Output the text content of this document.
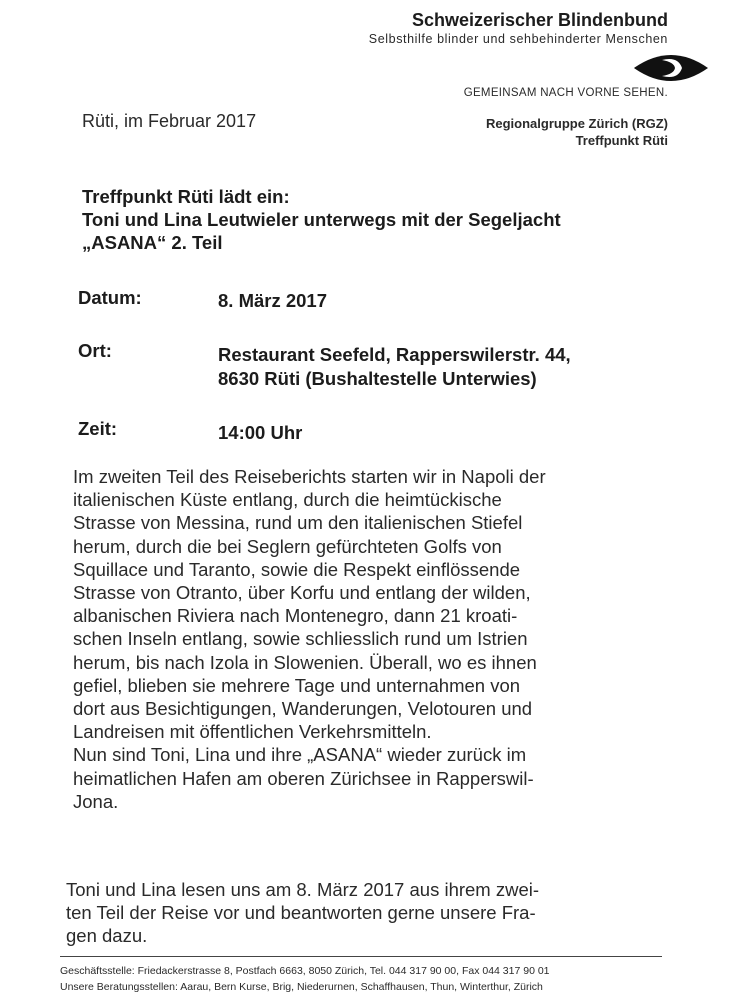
Schweizerischer Blindenbund
Selbsthilfe blinder und sehbehinderter Menschen
GEMEINSAM NACH VORNE SEHEN.
Rüti, im Februar 2017	Regionalgruppe Zürich (RGZ)
Treffpunkt Rüti
Treffpunkt Rüti lädt ein:
Toni und Lina Leutwieler unterwegs mit der Segeljacht
„ASANA“ 2. Teil
Datum:	8. März 2017
Ort:	Restaurant Seefeld, Rapperswilerstr. 44,
8630 Rüti (Bushaltestelle Unterwies)
Zeit:	14:00 Uhr
Im zweiten Teil des Reiseberichts starten wir in Napoli der
italienischen Küste entlang, durch die heimtückische
Strasse von Messina, rund um den italienischen Stiefel
herum, durch die bei Seglern gefürchteten Golfs von
Squillace und Taranto, sowie die Respekt einflössende
Strasse von Otranto, über Korfu und entlang der wilden,
albanischen Riviera nach Montenegro, dann 21 kroati-
schen Inseln entlang, sowie schliesslich rund um Istrien
herum, bis nach Izola in Slowenien. Überall, wo es ihnen
gefiel, blieben sie mehrere Tage und unternahmen von
dort aus Besichtigungen, Wanderungen, Velotouren und
Landreisen mit öffentlichen Verkehrsmitteln.
Nun sind Toni, Lina und ihre „ASANA“ wieder zurück im
heimatlichen Hafen am oberen Zürichsee in Rapperswil-
Jona.
Toni und Lina lesen uns am 8. März 2017 aus ihrem zwei-
ten Teil der Reise vor und beantworten gerne unsere Fra-
gen dazu.
Geschäftsstelle: Friedackerstrasse 8, Postfach 6663, 8050 Zürich, Tel. 044 317 90 00, Fax 044 317 90 01
Unsere Beratungsstellen: Aarau, Bern Kurse, Brig, Niederurnen, Schaffhausen, Thun, Winterthur, Zürich
